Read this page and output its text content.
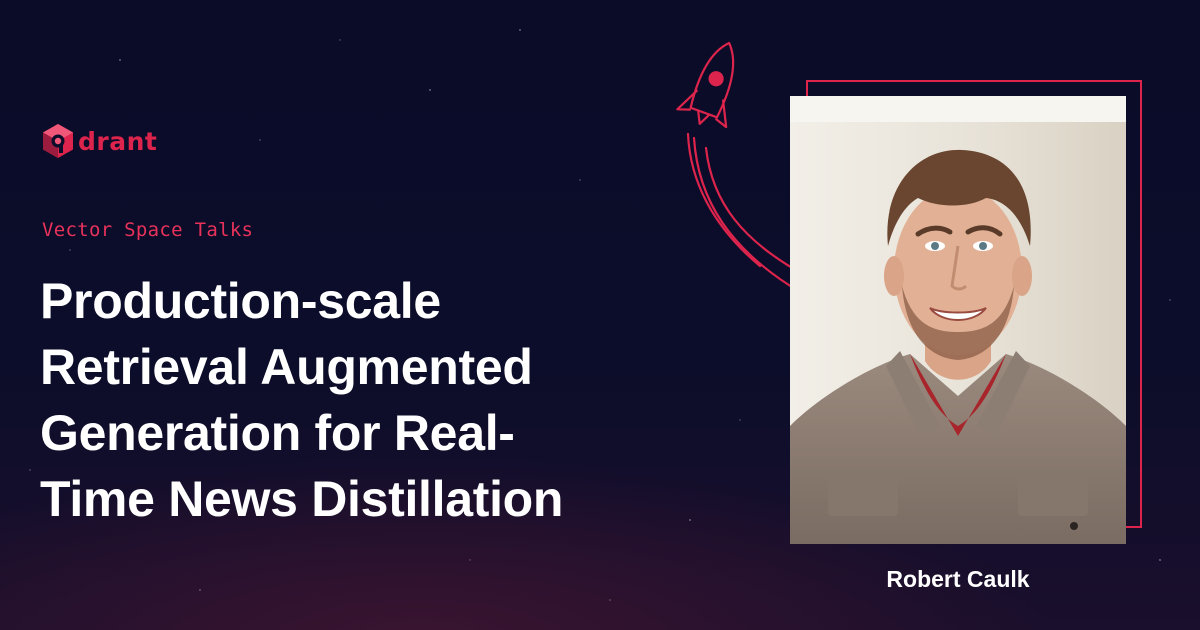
drant
Vector Space Talks
Production-scale
Retrieval Augmented
Generation for Real-
Time News Distillation
Robert Caulk
